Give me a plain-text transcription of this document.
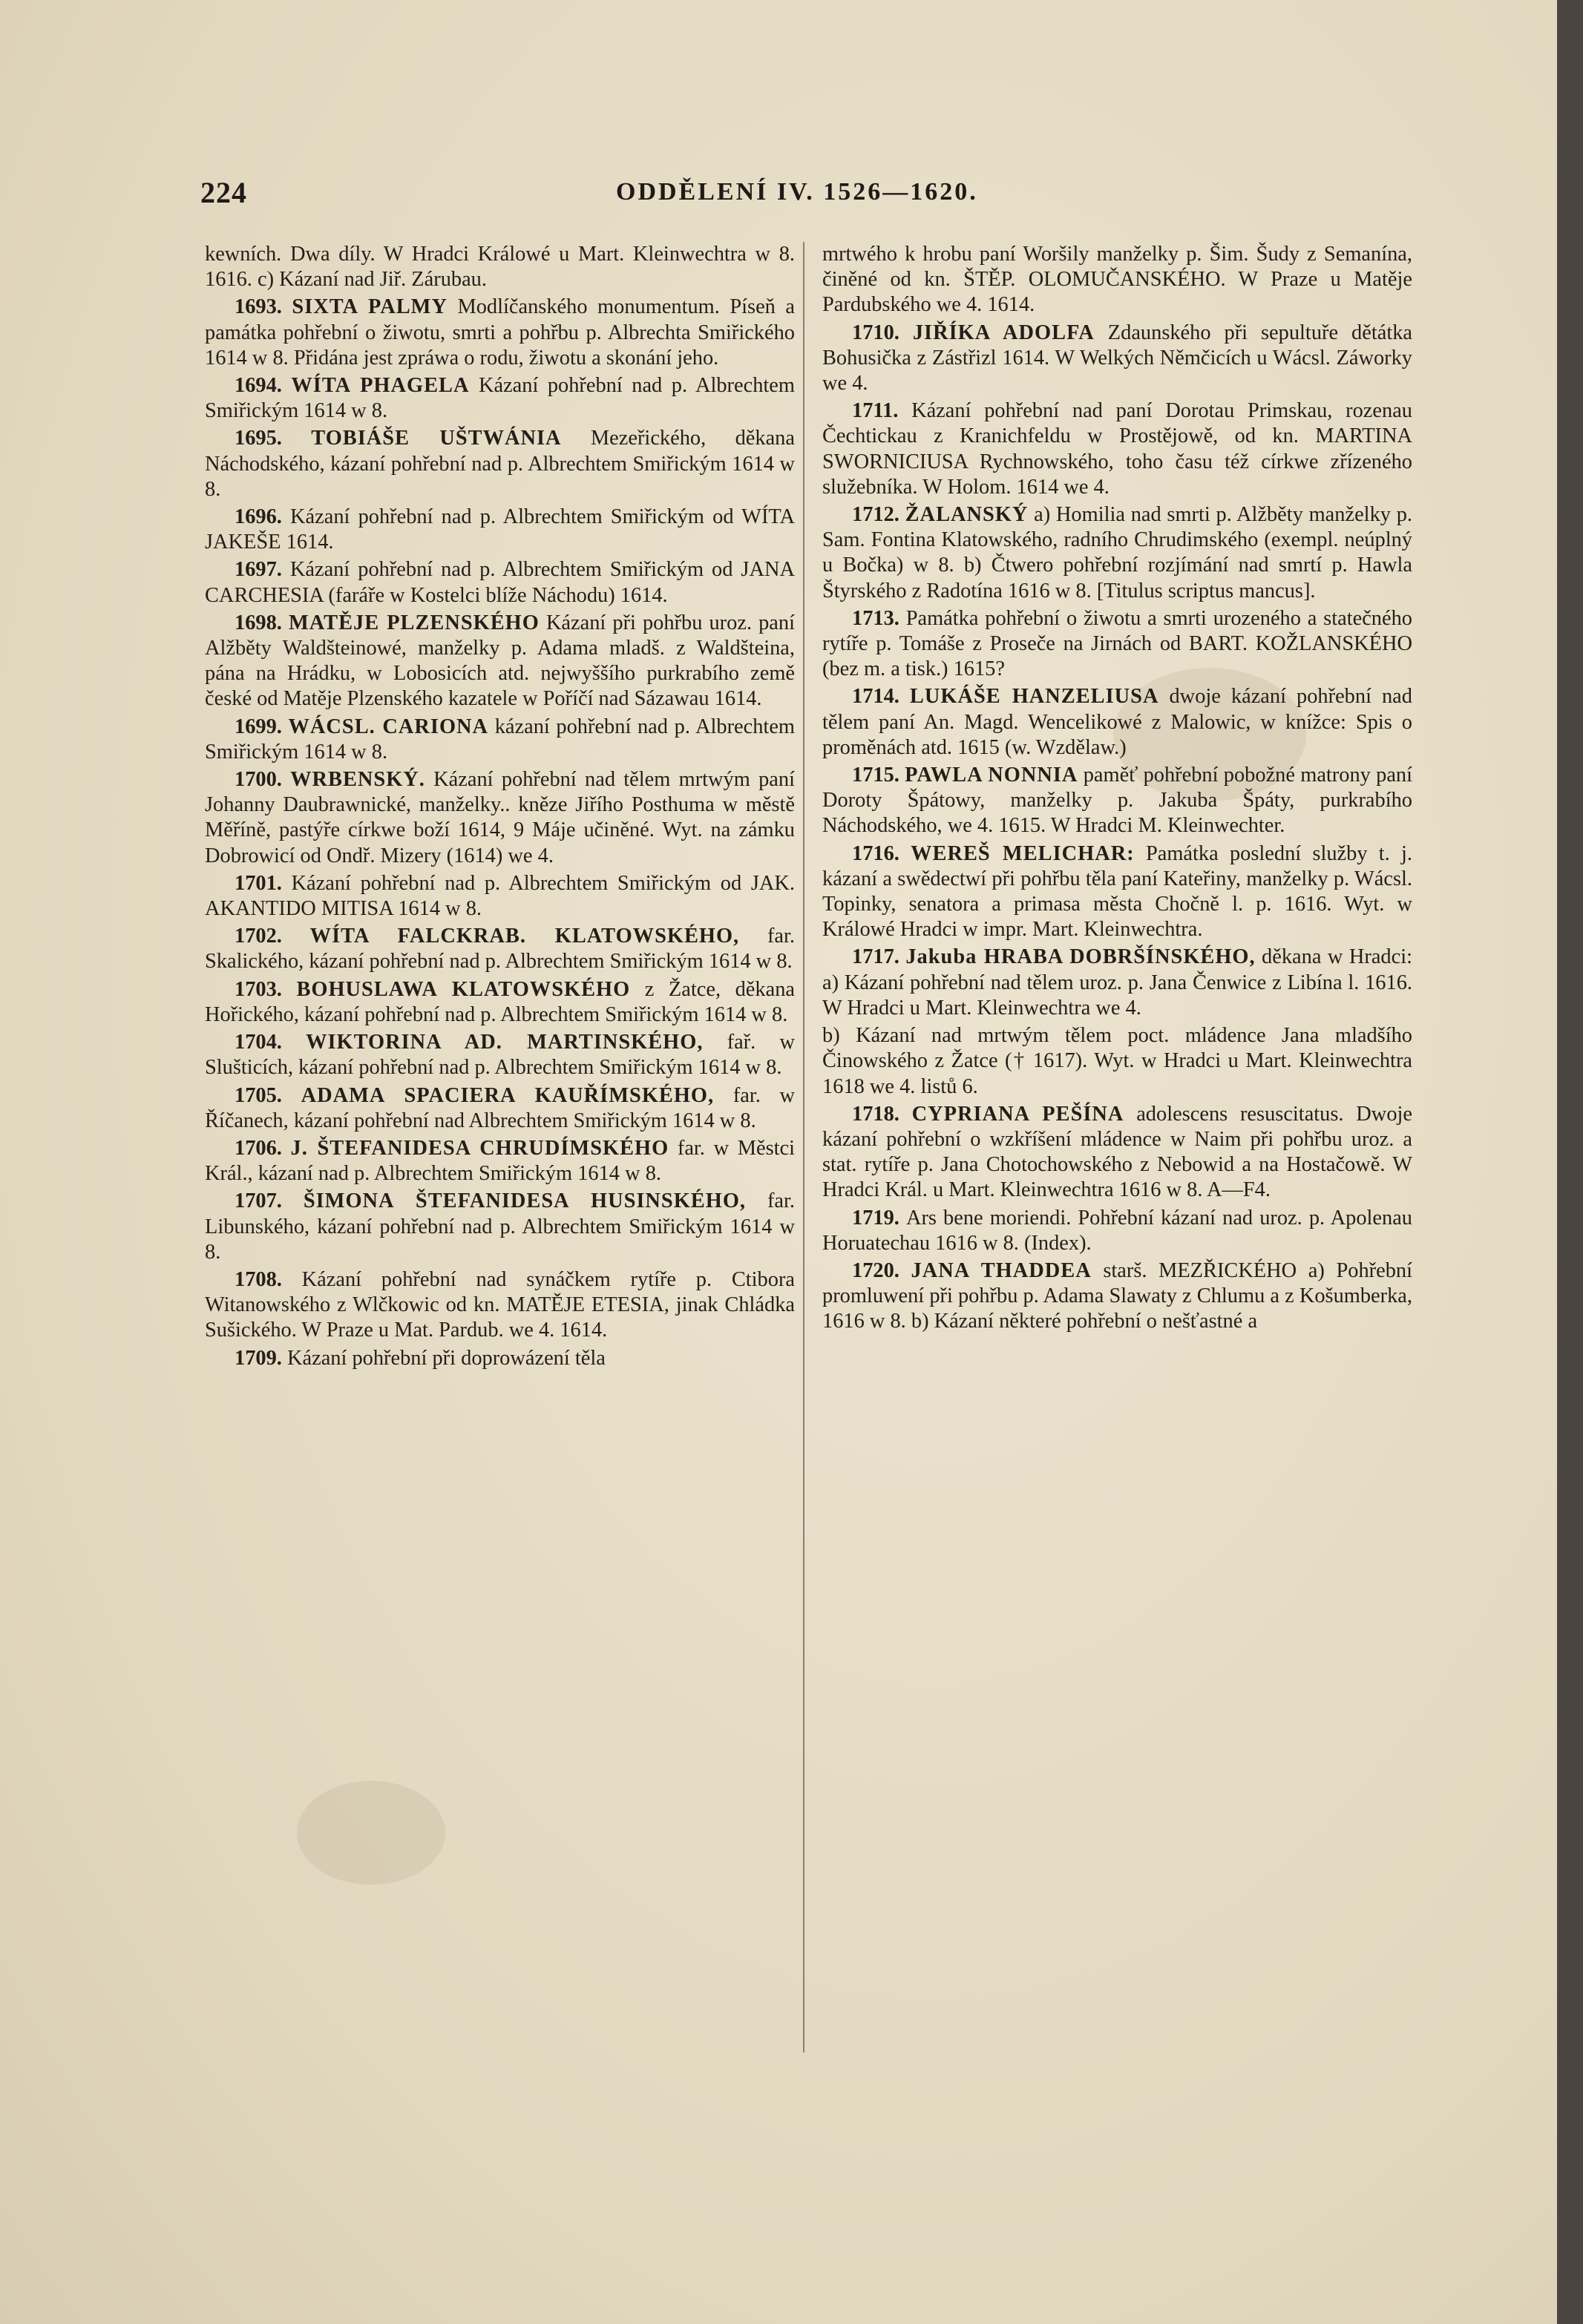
224	ODDĚLENÍ IV. 1526—1620.

kewních. Dwa díly. W Hradci Králowé u Mart. Kleinwechtra w 8. 1616. c) Kázaní nad Jiř. Zárubau.

1693. SIXTA PALMY Modlíčanského monumentum. Píseň a památka pohřební o žiwotu, smrti a pohřbu p. Albrechta Smiřického 1614 w 8. Přidána jest zpráwa o rodu, žiwotu a skonání jeho.

1694. WÍTA PHAGELA Kázaní pohřební nad p. Albrechtem Smiřickým 1614 w 8.

1695. TOBIÁŠE UŠTWÁNIA Mezeřického, děkana Náchodského, kázaní pohřební nad p. Albrechtem Smiřickým 1614 w 8.

1696. Kázaní pohřební nad p. Albrechtem Smiřickým od WÍTA JAKEŠE 1614.

1697. Kázaní pohřební nad p. Albrechtem Smiřickým od JANA CARCHESIA (faráře w Kostelci blíže Náchodu) 1614.

1698. MATĚJE PLZENSKÉHO Kázaní při pohřbu uroz. paní Alžběty Waldšteinowé, manželky p. Adama mladš. z Waldšteina, pána na Hrádku, w Lobosicích atd. nejwyššího purkrabího země české od Matěje Plzenského kazatele w Poříčí nad Sázawau 1614.

1699. WÁCSL. CARIONA kázaní pohřební nad p. Albrechtem Smiřickým 1614 w 8.

1700. WRBENSKÝ. Kázaní pohřební nad tělem mrtwým paní Johanny Daubrawnické, manželky.. kněze Jiřího Posthuma w městě Měříně, pastýře církwe boží 1614, 9 Máje učiněné. Wyt. na zámku Dobrowicí od Ondř. Mizery (1614) we 4.

1701. Kázaní pohřební nad p. Albrechtem Smiřickým od JAK. AKANTIDO MITISA 1614 w 8.

1702. WÍTA FALCKRAB. KLATOWSKÉHO, far. Skalického, kázaní pohřební nad p. Albrechtem Smiřickým 1614 w 8.

1703. BOHUSLAWA KLATOWSKÉHO z Žatce, děkana Hořického, kázaní pohřební nad p. Albrechtem Smiřickým 1614 w 8.

1704. WIKTORINA AD. MARTINSKÉHO, fař. w Slušticích, kázaní pohřební nad p. Albrechtem Smiřickým 1614 w 8.

1705. ADAMA SPACIERA KAUŘÍMSKÉHO, far. w Říčanech, kázaní pohřební nad Albrechtem Smiřickým 1614 w 8.

1706. J. ŠTEFANIDESA CHRUDÍMSKÉHO far. w Městci Král., kázaní nad p. Albrechtem Smiřickým 1614 w 8.

1707. ŠIMONA ŠTEFANIDESA HUSINSKÉHO, far. Libunského, kázaní pohřební nad p. Albrechtem Smiřickým 1614 w 8.

1708. Kázaní pohřební nad synáčkem rytíře p. Ctibora Witanowského z Wlčkowic od kn. MATĚJE ETESIA, jinak Chládka Sušického. W Praze u Mat. Pardub. we 4. 1614.

1709. Kázaní pohřební při doprowázení těla

mrtwého k hrobu paní Woršily manželky p. Šim. Šudy z Semanína, činěné od kn. ŠTĚP. OLOMUČANSKÉHO. W Praze u Matěje Pardubského we 4. 1614.

1710. JIŘÍKA ADOLFA Zdaunského při sepultuře dětátka Bohusička z Zástřizl 1614. W Welkých Němčicích u Wácsl. Záworky we 4.

1711. Kázaní pohřební nad paní Dorotau Primskau, rozenau Čechtickau z Kranichfeldu w Prostějowě, od kn. MARTINA SWORNICIUSA Rychnowského, toho času též církwe zřízeného služebníka. W Holom. 1614 we 4.

1712. ŽALANSKÝ a) Homilia nad smrti p. Alžběty manželky p. Sam. Fontina Klatowského, radního Chrudimského (exempl. neúplný u Bočka) w 8. b) Čtwero pohřební rozjímání nad smrtí p. Hawla Štyrského z Radotína 1616 w 8. [Titulus scriptus mancus].

1713. Památka pohřební o žiwotu a smrti urozeného a statečného rytíře p. Tomáše z Proseče na Jirnách od BART. KOŽLANSKÉHO (bez m. a tisk.) 1615?

1714. LUKÁŠE HANZELIUSA dwoje kázaní pohřební nad tělem paní An. Magd. Wencelikowé z Malowic, w knížce: Spis o proměnách atd. 1615 (w. Wzdělaw.)

1715. PAWLA NONNIA paměť pohřební pobožné matrony paní Doroty Špátowy, manželky p. Jakuba Špáty, purkrabího Náchodského, we 4. 1615. W Hradci M. Kleinwechter.

1716. WEREŠ MELICHAR: Památka poslední služby t. j. kázaní a swědectwí při pohřbu těla paní Kateřiny, manželky p. Wácsl. Topinky, senatora a primasa města Chočně l. p. 1616. Wyt. w Králowé Hradci w impr. Mart. Kleinwechtra.

1717. Jakuba HRABA DOBRŠÍNSKÉHO, děkana w Hradci: a) Kázaní pohřební nad tělem uroz. p. Jana Čenwice z Libína l. 1616. W Hradci u Mart. Kleinwechtra we 4.

b) Kázaní nad mrtwým tělem poct. mládence Jana mladšího Činowského z Žatce († 1617). Wyt. w Hradci u Mart. Kleinwechtra 1618 we 4. listů 6.

1718. CYPRIANA PEŠÍNA adolescens resuscitatus. Dwoje kázaní pohřební o wzkříšení mládence w Naim při pohřbu uroz. a stat. rytíře p. Jana Chotochowského z Nebowid a na Hostačowě. W Hradci Král. u Mart. Kleinwechtra 1616 w 8. A—F4.

1719. Ars bene moriendi. Pohřební kázaní nad uroz. p. Apolenau Horuatechau 1616 w 8. (Index).

1720. JANA THADDEA starš. MEZŘICKÉHO a) Pohřební promluwení při pohřbu p. Adama Slawaty z Chlumu a z Košumberka, 1616 w 8. b) Kázaní některé pohřební o nešťastné a
